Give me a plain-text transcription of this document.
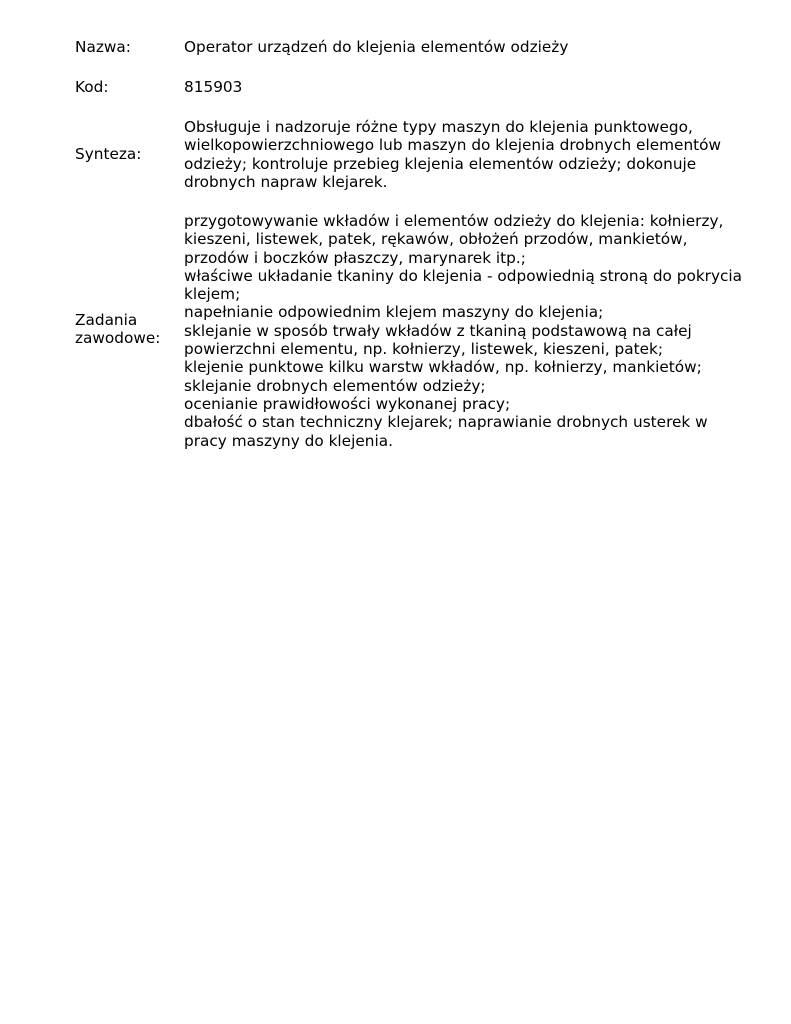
Nazwa:	Operator urządzeń do klejenia elementów odzieży
Kod:	815903
Synteza:
Obsługuje i nadzoruje różne typy maszyn do klejenia punktowego,
wielkopowierzchniowego lub maszyn do klejenia drobnych elementów
odzieży; kontroluje przebieg klejenia elementów odzieży; dokonuje
drobnych napraw klejarek.
Zadania
zawodowe:
przygotowywanie wkładów i elementów odzieży do klejenia: kołnierzy,
kieszeni, listewek, patek, rękawów, obłożeń przodów, mankietów,
przodów i boczków płaszczy, marynarek itp.;
właściwe układanie tkaniny do klejenia - odpowiednią stroną do pokrycia
klejem;
napełnianie odpowiednim klejem maszyny do klejenia;
sklejanie w sposób trwały wkładów z tkaniną podstawową na całej
powierzchni elementu, np. kołnierzy, listewek, kieszeni, patek;
klejenie punktowe kilku warstw wkładów, np. kołnierzy, mankietów;
sklejanie drobnych elementów odzieży;
ocenianie prawidłowości wykonanej pracy;
dbałość o stan techniczny klejarek; naprawianie drobnych usterek w
pracy maszyny do klejenia.
